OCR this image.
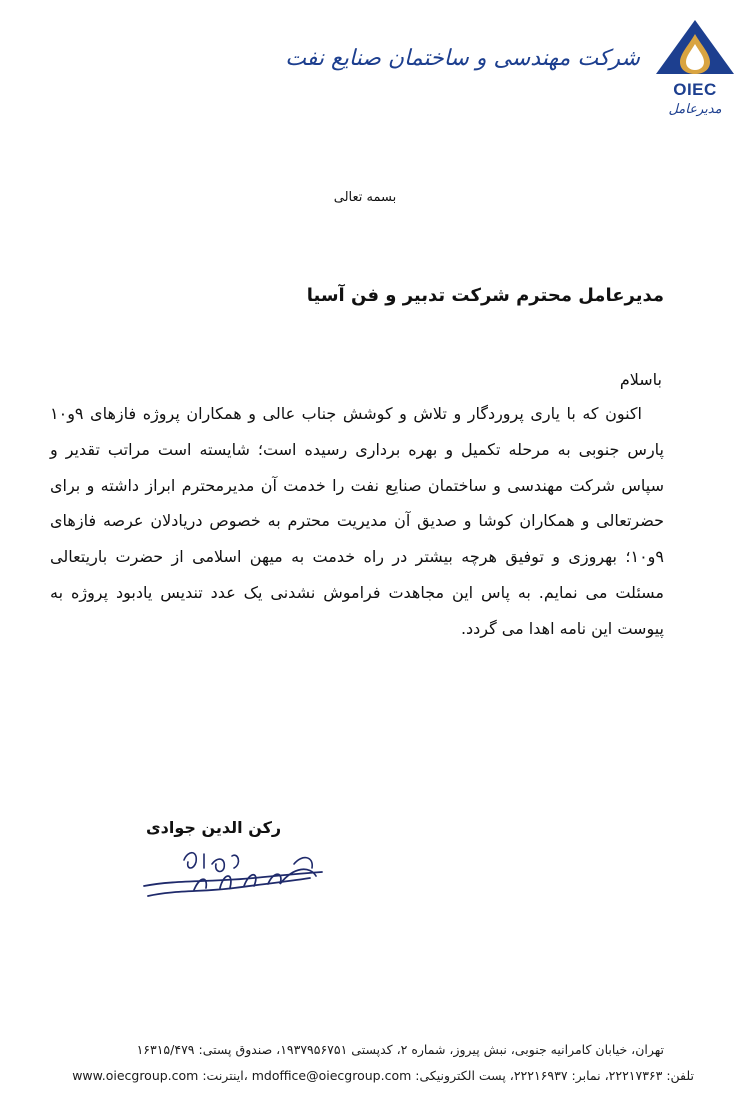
OIEC
مدیرعامل
شرکت مهندسی و ساختمان صنایع نفت
بسمه تعالی
مدیرعامل محترم شرکت تدبیر و فن آسیا
باسلام
اکنون که با یاری پروردگار و تلاش و کوشش جناب عالی و همکاران پروژه فازهای ۹و۱۰ پارس جنوبی به مرحله تکمیل و بهره برداری رسیده است؛ شایسته است مراتب تقدیر و سپاس شرکت مهندسی و ساختمان صنایع نفت را خدمت آن مدیرمحترم ابراز داشته و برای حضرتعالی و همکاران کوشا و صدیق آن مدیریت محترم به خصوص دریادلان عرصه فازهای ۹و۱۰؛ بهروزی و توفیق هرچه بیشتر در راه خدمت به میهن اسلامی از حضرت باریتعالی مسئلت می نمایم. به پاس این مجاهدت فراموش نشدنی یک عدد تندیس یادبود پروژه به پیوست این نامه اهدا می گردد.
رکن الدین جوادی
تهران، خیابان کامرانیه جنوبی، نبش پیروز، شماره ۲، کدپستی ۱۹۳۷۹۵۶۷۵۱، صندوق پستی: ۱۶۳۱۵/۴۷۹
تلفن: ۲۲۲۱۷۳۶۳، نمابر: ۲۲۲۱۶۹۳۷، پست الکترونیکی: mdoffice@oiecgroup.com ،اینترنت: www.oiecgroup.com
